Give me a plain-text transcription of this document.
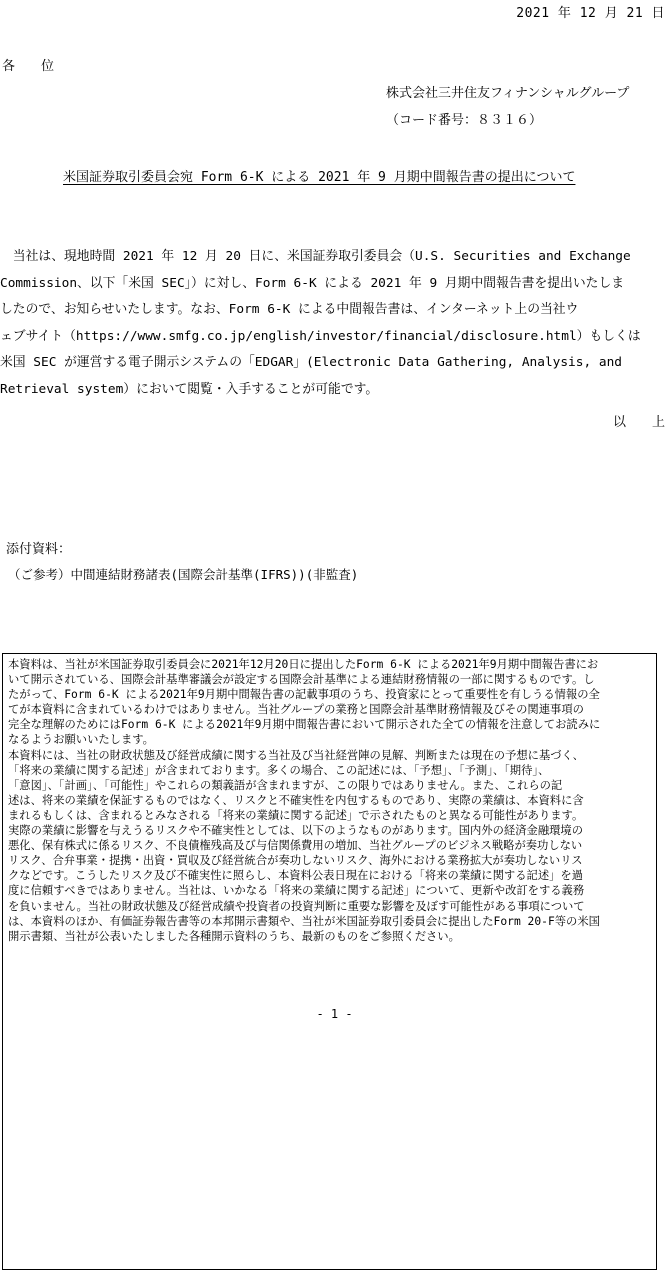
2021 年 12 月 21 日
各　　位
株式会社三井住友フィナンシャルグループ
（コード番号：８３１６）
米国証券取引委員会宛 Form 6-K による 2021 年 9 月期中間報告書の提出について
　当社は、現地時間 2021 年 12 月 20 日に、米国証券取引委員会（U.S. Securities and Exchange
Commission、以下「米国 SEC」）に対し、Form 6-K による 2021 年 9 月期中間報告書を提出いたしま
したので、お知らせいたします。なお、Form 6-K による中間報告書は、インターネット上の当社ウ
ェブサイト（https://www.smfg.co.jp/english/investor/financial/disclosure.html）もしくは
米国 SEC が運営する電子開示システムの「EDGAR」(Electronic Data Gathering, Analysis, and
Retrieval system）において閲覧・入手することが可能です。
以　　上
添付資料：
（ご参考）中間連結財務諸表(国際会計基準(IFRS))(非監査)
本資料は、当社が米国証券取引委員会に2021年12月20日に提出したForm 6-K による2021年9月期中間報告書にお
いて開示されている、国際会計基準審議会が設定する国際会計基準による連結財務情報の一部に関するものです。し
たがって、Form 6-K による2021年9月期中間報告書の記載事項のうち、投資家にとって重要性を有しうる情報の全
てが本資料に含まれているわけではありません。当社グループの業務と国際会計基準財務情報及びその関連事項の
完全な理解のためにはForm 6-K による2021年9月期中間報告書において開示された全ての情報を注意してお読みに
なるようお願いいたします。
本資料には、当社の財政状態及び経営成績に関する当社及び当社経営陣の見解、判断または現在の予想に基づく、
「将来の業績に関する記述」が含まれております。多くの場合、この記述には、「予想」、「予測」、「期待」、
「意図」、「計画」、「可能性」やこれらの類義語が含まれますが、この限りではありません。また、これらの記
述は、将来の業績を保証するものではなく、リスクと不確実性を内包するものであり、実際の業績は、本資料に含
まれるもしくは、含まれるとみなされる「将来の業績に関する記述」で示されたものと異なる可能性があります。
実際の業績に影響を与えうるリスクや不確実性としては、以下のようなものがあります。国内外の経済金融環境の
悪化、保有株式に係るリスク、不良債権残高及び与信関係費用の増加、当社グループのビジネス戦略が奏功しない
リスク、合弁事業・提携・出資・買収及び経営統合が奏功しないリスク、海外における業務拡大が奏功しないリス
クなどです。こうしたリスク及び不確実性に照らし、本資料公表日現在における「将来の業績に関する記述」を過
度に信頼すべきではありません。当社は、いかなる「将来の業績に関する記述」について、更新や改訂をする義務
を負いません。当社の財政状態及び経営成績や投資者の投資判断に重要な影響を及ぼす可能性がある事項について
は、本資料のほか、有価証券報告書等の本邦開示書類や、当社が米国証券取引委員会に提出したForm 20-F等の米国
開示書類、当社が公表いたしました各種開示資料のうち、最新のものをご参照ください。
- 1 -
